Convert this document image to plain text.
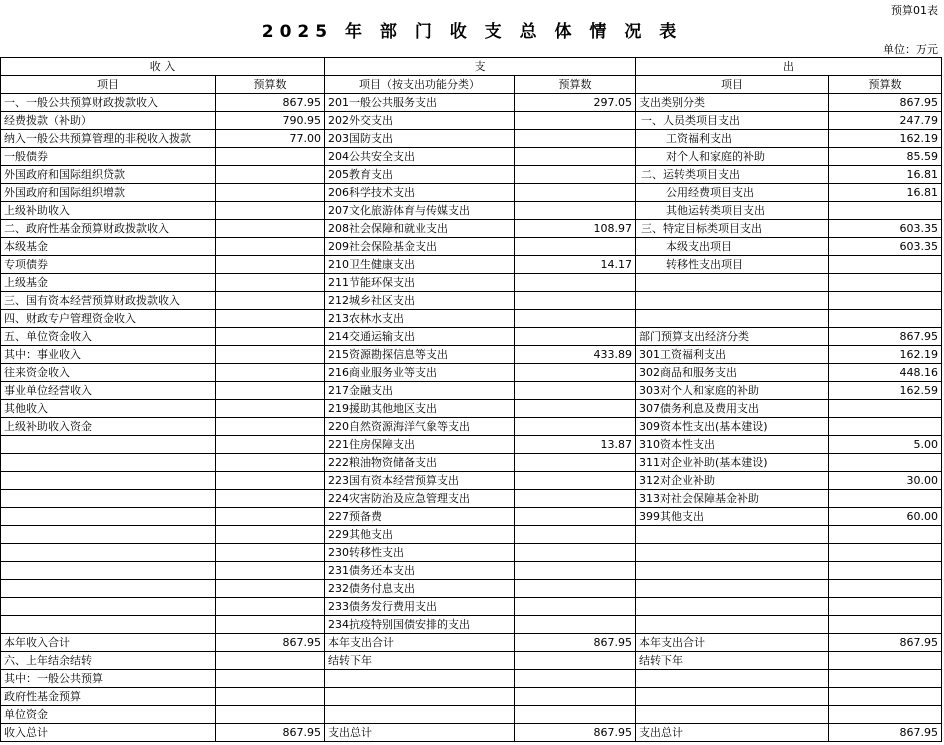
预算01表
2025 年 部 门 收 支 总 体 情 况 表
单位：万元
收 入		支		出	
项目	预算数	项目（按支出功能分类）	预算数	项目	预算数
一、一般公共预算财政拨款收入	867.95	201一般公共服务支出	297.05	支出类别分类	867.95
经费拨款（补助）	790.95	202外交支出		一、人员类项目支出	247.79
纳入一般公共预算管理的非税收入拨款	77.00	203国防支出		工资福利支出	162.19
一般债券		204公共安全支出		对个人和家庭的补助	85.59
外国政府和国际组织贷款		205教育支出		二、运转类项目支出	16.81
外国政府和国际组织增款		206科学技术支出		公用经费项目支出	16.81
上级补助收入		207文化旅游体育与传媒支出		其他运转类项目支出	
二、政府性基金预算财政拨款收入		208社会保障和就业支出	108.97	三、特定目标类项目支出	603.35
本级基金		209社会保险基金支出		本级支出项目	603.35
专项债券		210卫生健康支出	14.17	转移性支出项目	
上级基金		211节能环保支出			
三、国有资本经营预算财政拨款收入		212城乡社区支出			
四、财政专户管理资金收入		213农林水支出			
五、单位资金收入		214交通运输支出		部门预算支出经济分类	867.95
其中：事业收入		215资源勘探信息等支出	433.89	301工资福利支出	162.19
往来资金收入		216商业服务业等支出		302商品和服务支出	448.16
事业单位经营收入		217金融支出		303对个人和家庭的补助	162.59
其他收入		219援助其他地区支出		307债务利息及费用支出	
上级补助收入资金		220自然资源海洋气象等支出		309资本性支出(基本建设)	
		221住房保障支出	13.87	310资本性支出	5.00
		222粮油物资储备支出		311对企业补助(基本建设)	
		223国有资本经营预算支出		312对企业补助	30.00
		224灾害防治及应急管理支出		313对社会保障基金补助	
		227预备费		399其他支出	60.00
		229其他支出			
		230转移性支出			
		231债务还本支出			
		232债务付息支出			
		233债务发行费用支出			
		234抗疫特别国债安排的支出			
本年收入合计	867.95	本年支出合计	867.95	本年支出合计	867.95
六、上年结余结转		结转下年		结转下年	
其中：一般公共预算					
政府性基金预算					
单位资金					
收入总计	867.95	支出总计	867.95	支出总计	867.95
